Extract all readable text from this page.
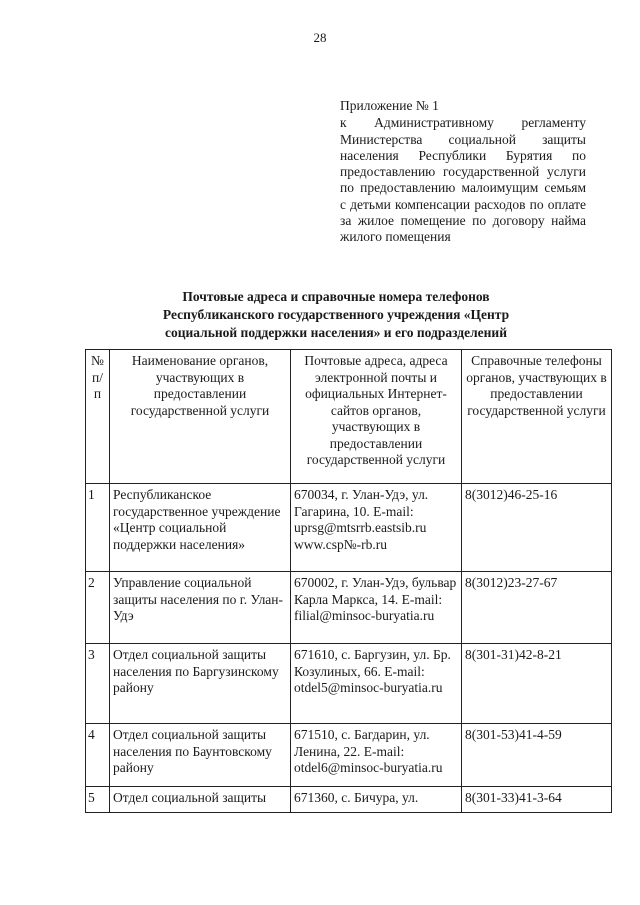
28
Приложение № 1
к Административному регламенту Министерства социальной защиты населения Республики Бурятия по предоставлению государственной услуги по предоставлению малоимущим семьям с детьми компенсации расходов по оплате за жилое помещение по договору найма жилого помещения
Почтовые адреса и справочные номера телефонов
Республиканского государственного учреждения «Центр
социальной поддержки населения» и его подразделений
№ п/п	Наименование органов, участвующих в предоставлении государственной услуги	Почтовые адреса, адреса электронной почты и официальных Интернет-сайтов органов, участвующих в предоставлении государственной услуги	Справочные телефоны органов, участвующих в предоставлении государственной услуги
1	Республиканское государственное учреждение «Центр социальной поддержки населения»	670034, г. Улан-Удэ, ул. Гагарина, 10. E-mail: uprsg@mtsrrb.eastsib.ru www.csp№-rb.ru	8(3012)46-25-16
2	Управление социальной защиты населения по г. Улан-Удэ	670002, г. Улан-Удэ, бульвар Карла Маркса, 14. E-mail: filial@minsoc-buryatia.ru	8(3012)23-27-67
3	Отдел социальной защиты населения по Баргузинскому району	671610, с. Баргузин, ул. Бр. Козулиных, 66. E-mail: otdel5@minsoc-buryatia.ru	8(301-31)42-8-21
4	Отдел социальной защиты населения по Баунтовскому району	671510, с. Багдарин, ул. Ленина, 22. E-mail: otdel6@minsoc-buryatia.ru	8(301-53)41-4-59
5	Отдел социальной защиты	671360, с. Бичура, ул.	8(301-33)41-3-64
